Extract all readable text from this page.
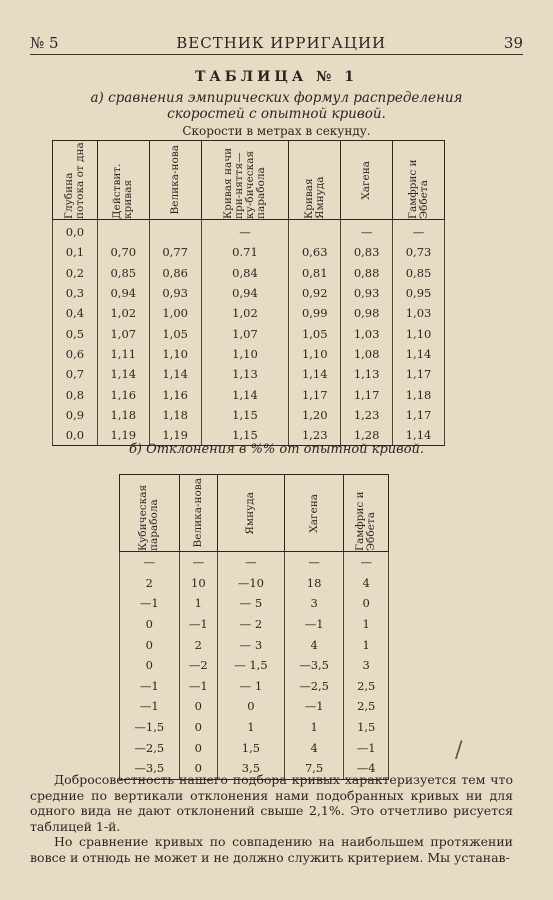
№ 5	ВЕСТНИК ИРРИГАЦИИ	39
ТАБЛИЦА № 1
а) сравнения эмпирических формул распределения скоростей с опытной кривой.
Скорости в метрах в секунду.
Глубина потока от дна	Действит. кривая	Велика-нова	Кривая начи при-няття—ку-бическая парабола	Кривая Ямнуда	Хагена	Гамфрис и Эббета

0,0			—		—	—
0,1	0,70	0,77	0.71	0,63	0,83	0,73
0,2	0,85	0,86	0,84	0,81	0,88	0,85
0,3	0,94	0,93	0,94	0,92	0,93	0,95
0,4	1,02	1,00	1,02	0,99	0,98	1,03
0,5	1,07	1,05	1,07	1,05	1,03	1,10
0,6	1,11	1,10	1,10	1,10	1,08	1,14
0,7	1,14	1,14	1,13	1,14	1,13	1,17
0,8	1,16	1,16	1,14	1,17	1,17	1,18
0,9	1,18	1,18	1,15	1,20	1,23	1,17
0,0	1,19	1,19	1,15	1,23	1,28	1,14
б) Отклонения в %% от опытной кривой.
Кубическая парабола	Велика-нова	Ямнуда	Хагена	Гамфрис и Эббета

—	—	—	—	—
2	10	—10	18	4
—1	1	— 5	3	0
0	—1	— 2	—1	1
0	2	— 3	4	1
0	—2	— 1,5	—3,5	3
—1	—1	— 1	—2,5	2,5
—1	0	0	—1	2,5
—1,5	0	1	1	1,5
—2,5	0	1,5	4	—1
—3,5	0	3,5	7,5	—4
/
Добросовестность нашего подбора кривых характеризуется тем что средние по вертикали отклонения нами подобранных кривых ни для одного вида не дают отклонений свыше 2,1%. Это отчетливо рисуется таблицей 1-й.
Но сравнение кривых по совпадению на наибольшем протяжении вовсе и отнюдь не может и не должно служить критерием. Мы устанав-
